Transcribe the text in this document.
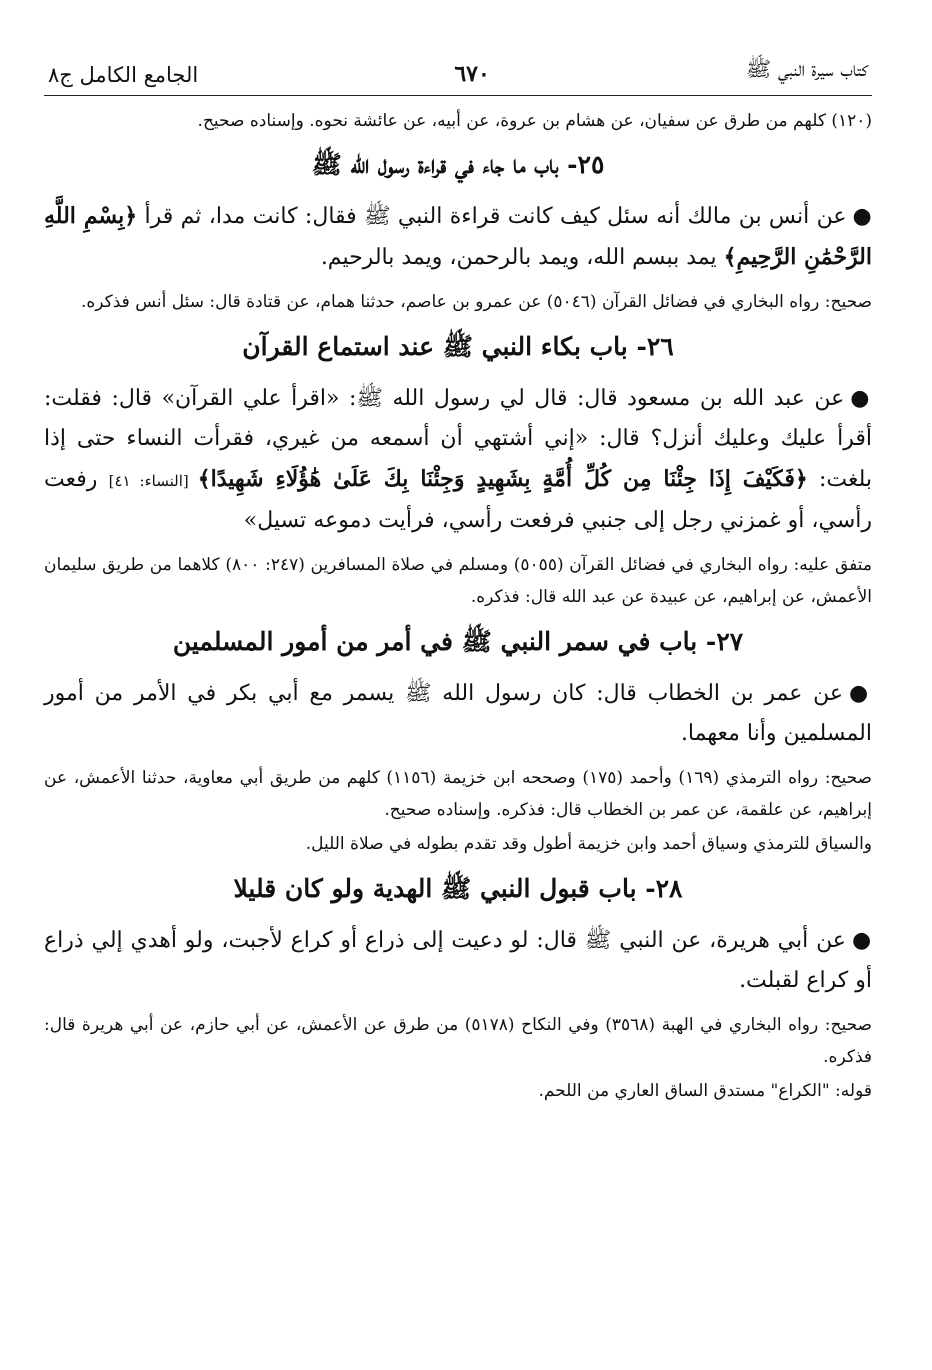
كتاب سيرة النبي ﷺ
٦٧٠
الجامع الكامل ج٨

(١٢٠) كلهم من طرق عن سفيان، عن هشام بن عروة، عن أبيه، عن عائشة نحوه. وإسناده صحيح.

٢٥- باب ما جاء في قراءة رسول الله ﷺ

●عن أنس بن مالك أنه سئل كيف كانت قراءة النبي ﷺ فقال: كانت مدا، ثم قرأ ﴿بِسْمِ اللَّهِ الرَّحْمَٰنِ الرَّحِيمِ﴾ يمد ببسم الله، ويمد بالرحمن، ويمد بالرحيم.

صحيح: رواه البخاري في فضائل القرآن (٥٠٤٦) عن عمرو بن عاصم، حدثنا همام، عن قتادة قال: سئل أنس فذكره.

٢٦- باب بكاء النبي ﷺ عند استماع القرآن

●عن عبد الله بن مسعود قال: قال لي رسول الله ﷺ: «اقرأ علي القرآن» قال: فقلت: أقرأ عليك وعليك أنزل؟ قال: «إني أشتهي أن أسمعه من غيري، فقرأت النساء حتى إذا بلغت: ﴿فَكَيْفَ إِذَا جِئْنَا مِن كُلِّ أُمَّةٍ بِشَهِيدٍ وَجِئْنَا بِكَ عَلَىٰ هَٰؤُلَاءِ شَهِيدًا﴾ [النساء: ٤١] رفعت رأسي، أو غمزني رجل إلى جنبي فرفعت رأسي، فرأيت دموعه تسيل»

متفق عليه: رواه البخاري في فضائل القرآن (٥٠٥٥) ومسلم في صلاة المسافرين (٢٤٧: ٨٠٠) كلاهما من طريق سليمان الأعمش، عن إبراهيم، عن عبيدة عن عبد الله قال: فذكره.

٢٧- باب في سمر النبي ﷺ في أمر من أمور المسلمين

●عن عمر بن الخطاب قال: كان رسول الله ﷺ يسمر مع أبي بكر في الأمر من أمور المسلمين وأنا معهما.

صحيح: رواه الترمذي (١٦٩) وأحمد (١٧٥) وصححه ابن خزيمة (١١٥٦) كلهم من طريق أبي معاوية، حدثنا الأعمش، عن إبراهيم، عن علقمة، عن عمر بن الخطاب قال: فذكره. وإسناده صحيح.

والسياق للترمذي وسياق أحمد وابن خزيمة أطول وقد تقدم بطوله في صلاة الليل.

٢٨- باب قبول النبي ﷺ الهدية ولو كان قليلا

●عن أبي هريرة، عن النبي ﷺ قال: لو دعيت إلى ذراع أو كراع لأجبت، ولو أهدي إلي ذراع أو كراع لقبلت.

صحيح: رواه البخاري في الهبة (٣٥٦٨) وفي النكاح (٥١٧٨) من طرق عن الأعمش، عن أبي حازم، عن أبي هريرة قال: فذكره.

قوله: "الكراع" مستدق الساق العاري من اللحم.
